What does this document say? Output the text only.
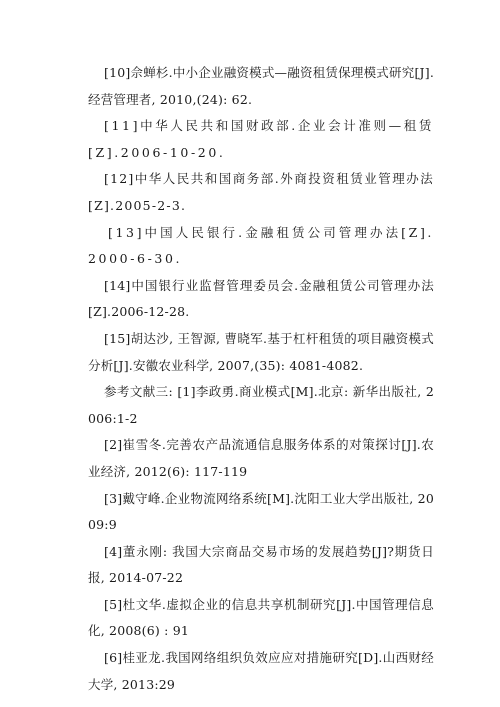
[10]佘蝉杉.中小企业融资模式—融资租赁保理模式研究[J].经营管理者, 2010,(24): 62.

[11]中华人民共和国财政部.企业会计准则—租赁[Z].2006-10-20.

[12]中华人民共和国商务部.外商投资租赁业管理办法[Z].2005-2-3.

[13]中国人民银行.金融租赁公司管理办法[Z].2000-6-30.

[14]中国银行业监督管理委员会.金融租赁公司管理办法[Z].2006-12-28.

[15]胡达沙, 王智源, 曹晓军.基于杠杆租赁的项目融资模式分析[J].安徽农业科学, 2007,(35): 4081-4082.

参考文献三: [1]李政勇.商业模式[M].北京: 新华出版社, 2006:1-2

[2]崔雪冬.完善农产品流通信息服务体系的对策探讨[J].农业经济, 2012(6): 117-119

[3]戴守峰.企业物流网络系统[M].沈阳工业大学出版社, 2009:9

[4]董永刚: 我国大宗商品交易市场的发展趋势[J]?期货日报, 2014-07-22

[5]杜文华.虚拟企业的信息共享机制研究[J].中国管理信息化, 2008(6) : 91

[6]桂亚龙.我国网络组织负效应应对措施研究[D].山西财经大学, 2013:29
